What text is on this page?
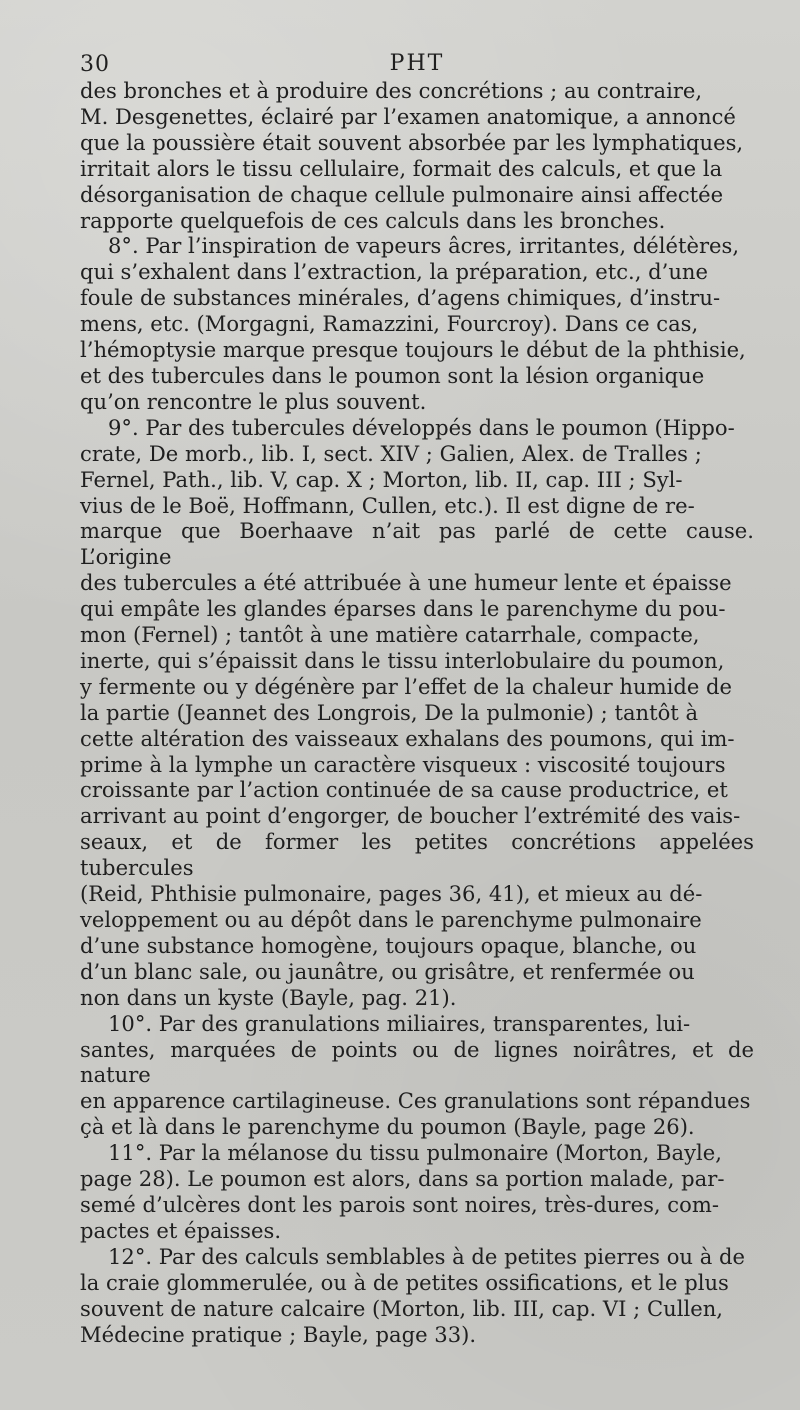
30	PHT
des bronches et à produire des concrétions ; au contraire,
M. Desgenettes, éclairé par l’examen anatomique, a annoncé
que la poussière était souvent absorbée par les lymphatiques,
irritait alors le tissu cellulaire, formait des calculs, et que la
désorganisation de chaque cellule pulmonaire ainsi affectée
rapporte quelquefois de ces calculs dans les bronches.
8°. Par l’inspiration de vapeurs âcres, irritantes, délétères,
qui s’exhalent dans l’extraction, la préparation, etc., d’une
foule de substances minérales, d’agens chimiques, d’instru-
mens, etc. (Morgagni, Ramazzini, Fourcroy). Dans ce cas,
l’hémoptysie marque presque toujours le début de la phthisie,
et des tubercules dans le poumon sont la lésion organique
qu’on rencontre le plus souvent.
9°. Par des tubercules développés dans le poumon (Hippo-
crate, De morb., lib. I, sect. XIV ; Galien, Alex. de Tralles ;
Fernel, Path., lib. V, cap. X ; Morton, lib. II, cap. III ; Syl-
vius de le Boë, Hoffmann, Cullen, etc.). Il est digne de re-
marque que Boerhaave n’ait pas parlé de cette cause. L’origine
des tubercules a été attribuée à une humeur lente et épaisse
qui empâte les glandes éparses dans le parenchyme du pou-
mon (Fernel) ; tantôt à une matière catarrhale, compacte,
inerte, qui s’épaissit dans le tissu interlobulaire du poumon,
y fermente ou y dégénère par l’effet de la chaleur humide de
la partie (Jeannet des Longrois, De la pulmonie) ; tantôt à
cette altération des vaisseaux exhalans des poumons, qui im-
prime à la lymphe un caractère visqueux : viscosité toujours
croissante par l’action continuée de sa cause productrice, et
arrivant au point d’engorger, de boucher l’extrémité des vais-
seaux, et de former les petites concrétions appelées tubercules
(Reid, Phthisie pulmonaire, pages 36, 41), et mieux au dé-
veloppement ou au dépôt dans le parenchyme pulmonaire
d’une substance homogène, toujours opaque, blanche, ou
d’un blanc sale, ou jaunâtre, ou grisâtre, et renfermée ou
non dans un kyste (Bayle, pag. 21).
10°. Par des granulations miliaires, transparentes, lui-
santes, marquées de points ou de lignes noirâtres, et de nature
en apparence cartilagineuse. Ces granulations sont répandues
çà et là dans le parenchyme du poumon (Bayle, page 26).
11°. Par la mélanose du tissu pulmonaire (Morton, Bayle,
page 28). Le poumon est alors, dans sa portion malade, par-
semé d’ulcères dont les parois sont noires, très-dures, com-
pactes et épaisses.
12°. Par des calculs semblables à de petites pierres ou à de
la craie glommerulée, ou à de petites ossifications, et le plus
souvent de nature calcaire (Morton, lib. III, cap. VI ; Cullen,
Médecine pratique ; Bayle, page 33).
